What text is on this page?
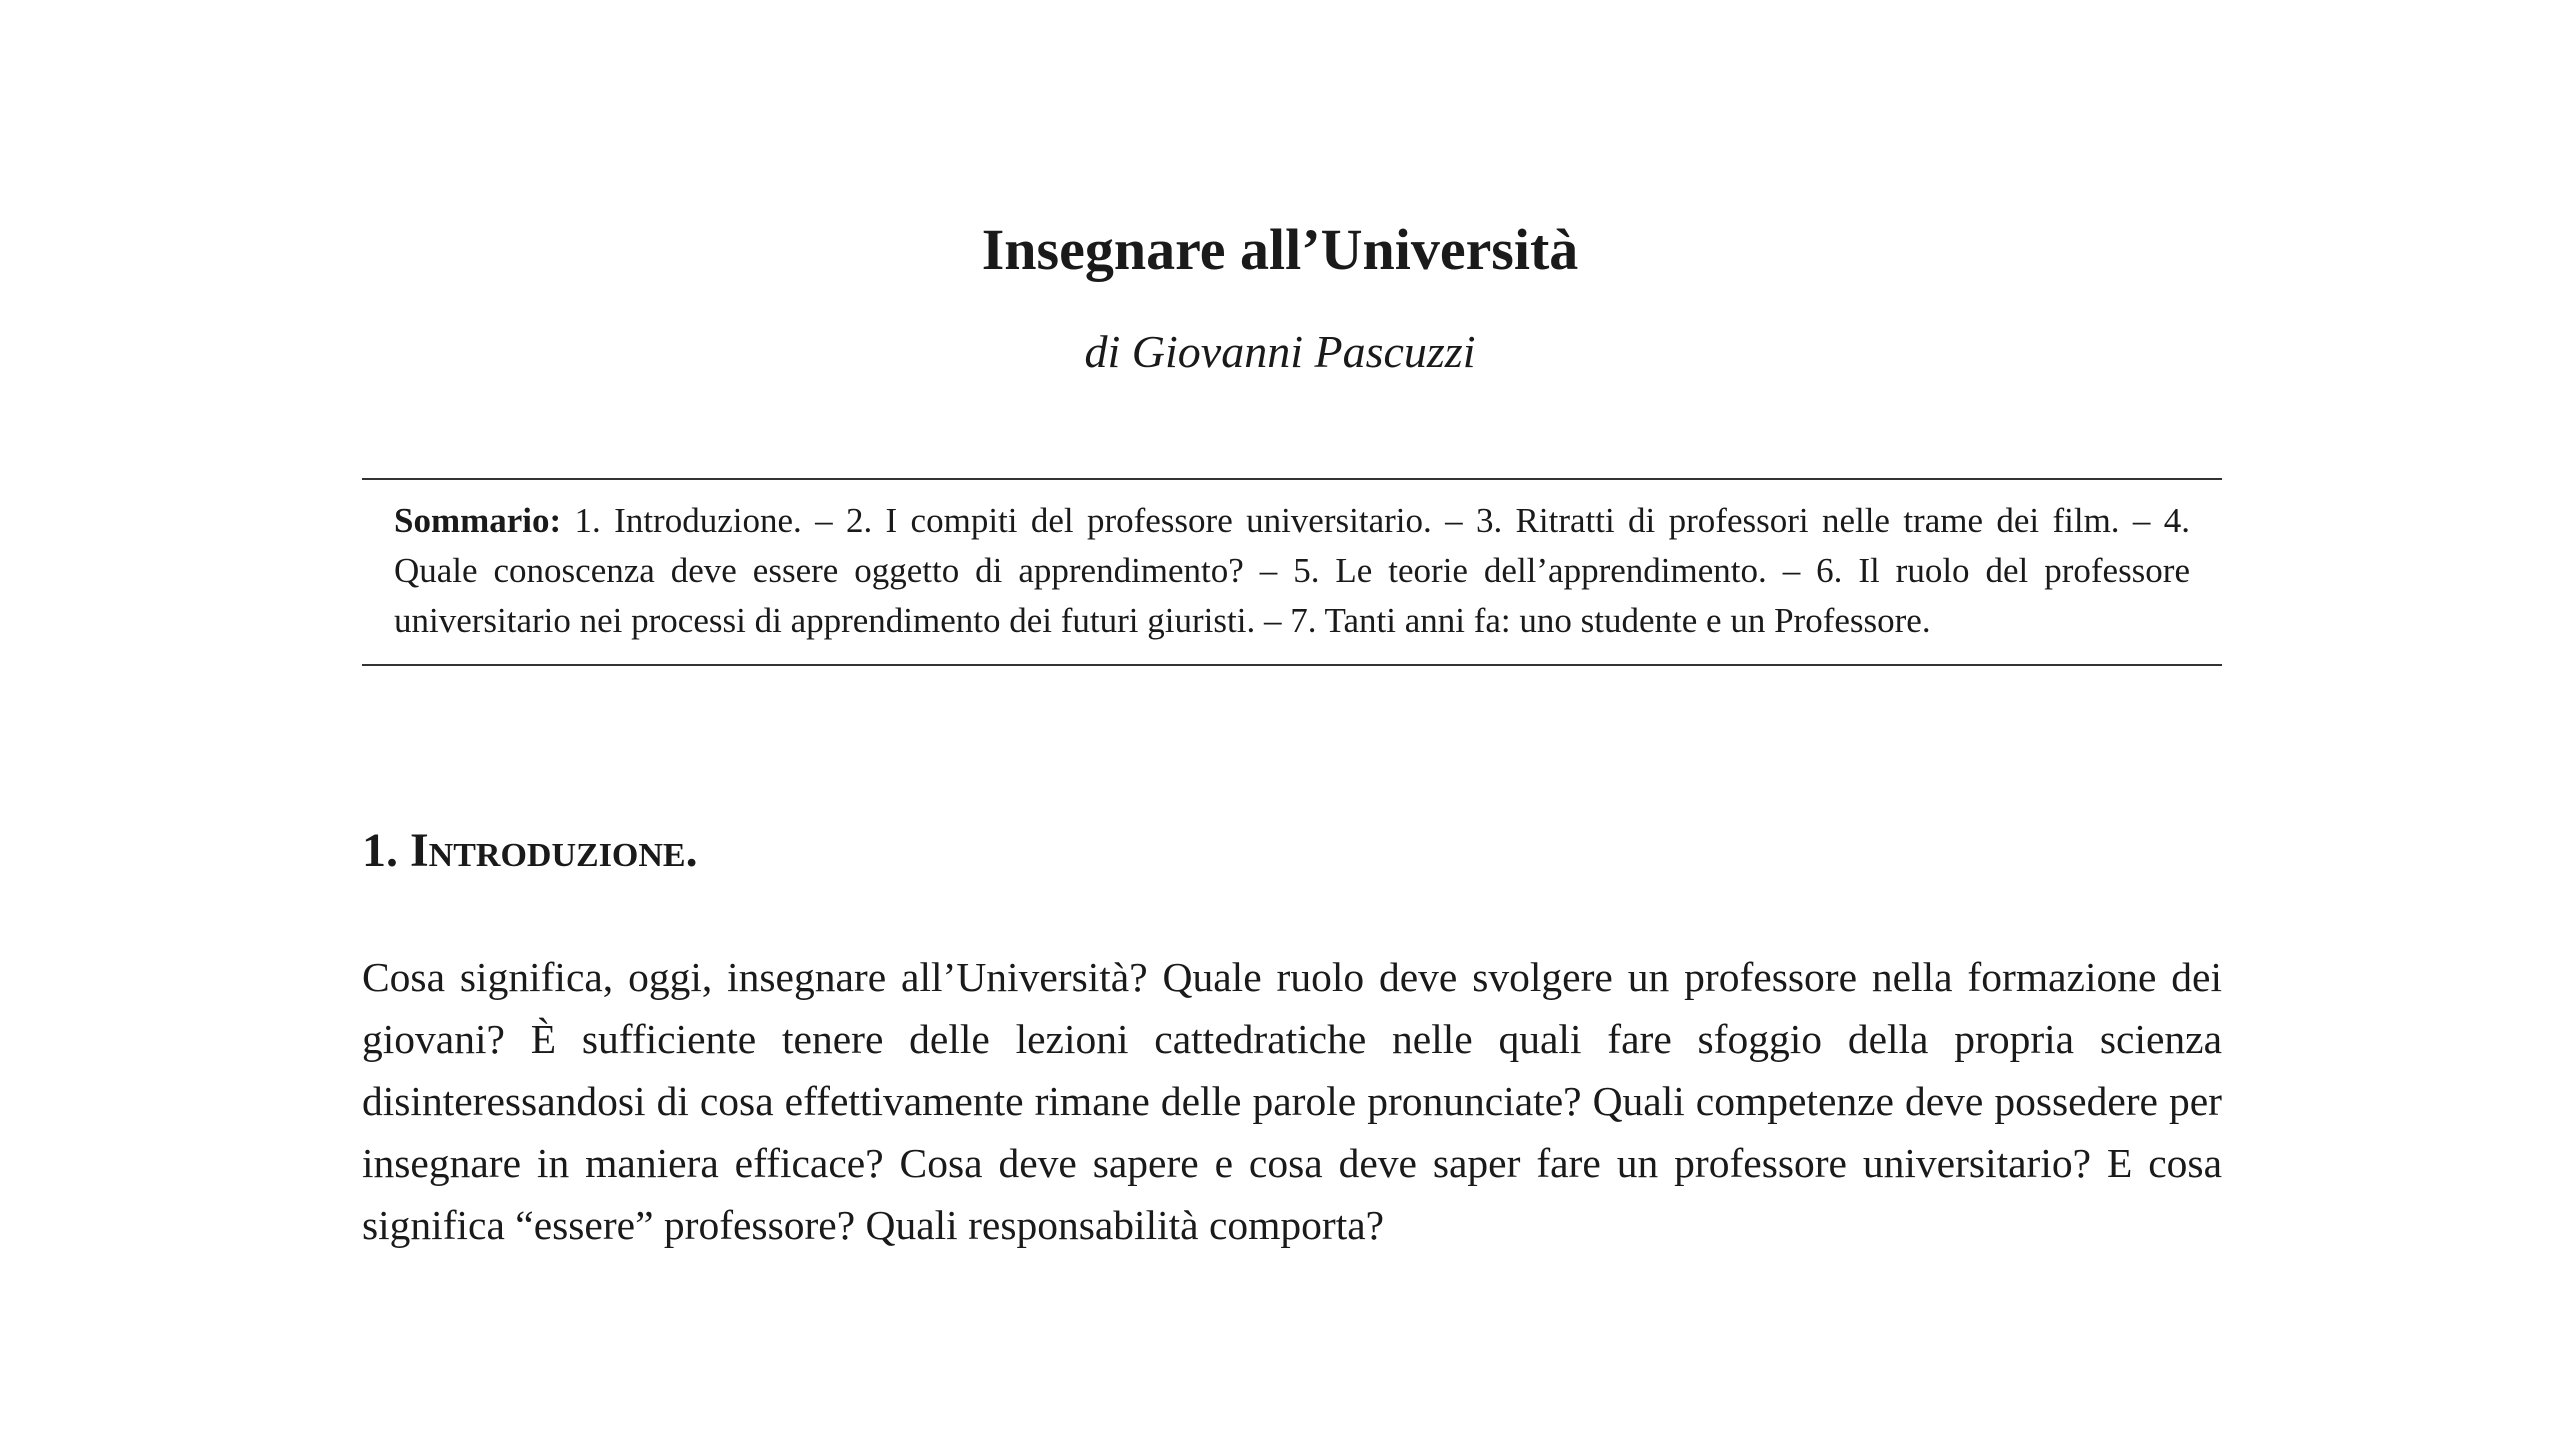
Insegnare all’Università
di Giovanni Pascuzzi
Sommario: 1. Introduzione. – 2. I compiti del professore universitario. – 3. Ritratti di professori nelle trame dei film. – 4. Quale conoscenza deve essere oggetto di apprendimento? – 5. Le teorie dell’apprendimento. – 6. Il ruolo del professore universitario nei processi di apprendimento dei futuri giuristi. – 7. Tanti anni fa: uno studente e un Professore.
1. Introduzione.

Cosa significa, oggi, insegnare all’Università? Quale ruolo deve svolgere un professore nella formazione dei giovani? È sufficiente tenere delle lezioni cattedratiche nelle quali fare sfoggio della propria scienza disinteressandosi di cosa effettivamente rimane delle parole pronunciate? Quali competenze deve possedere per insegnare in maniera efficace? Cosa deve sapere e cosa deve saper fare un professore universitario? E cosa significa “essere” professore? Quali responsabilità comporta?
